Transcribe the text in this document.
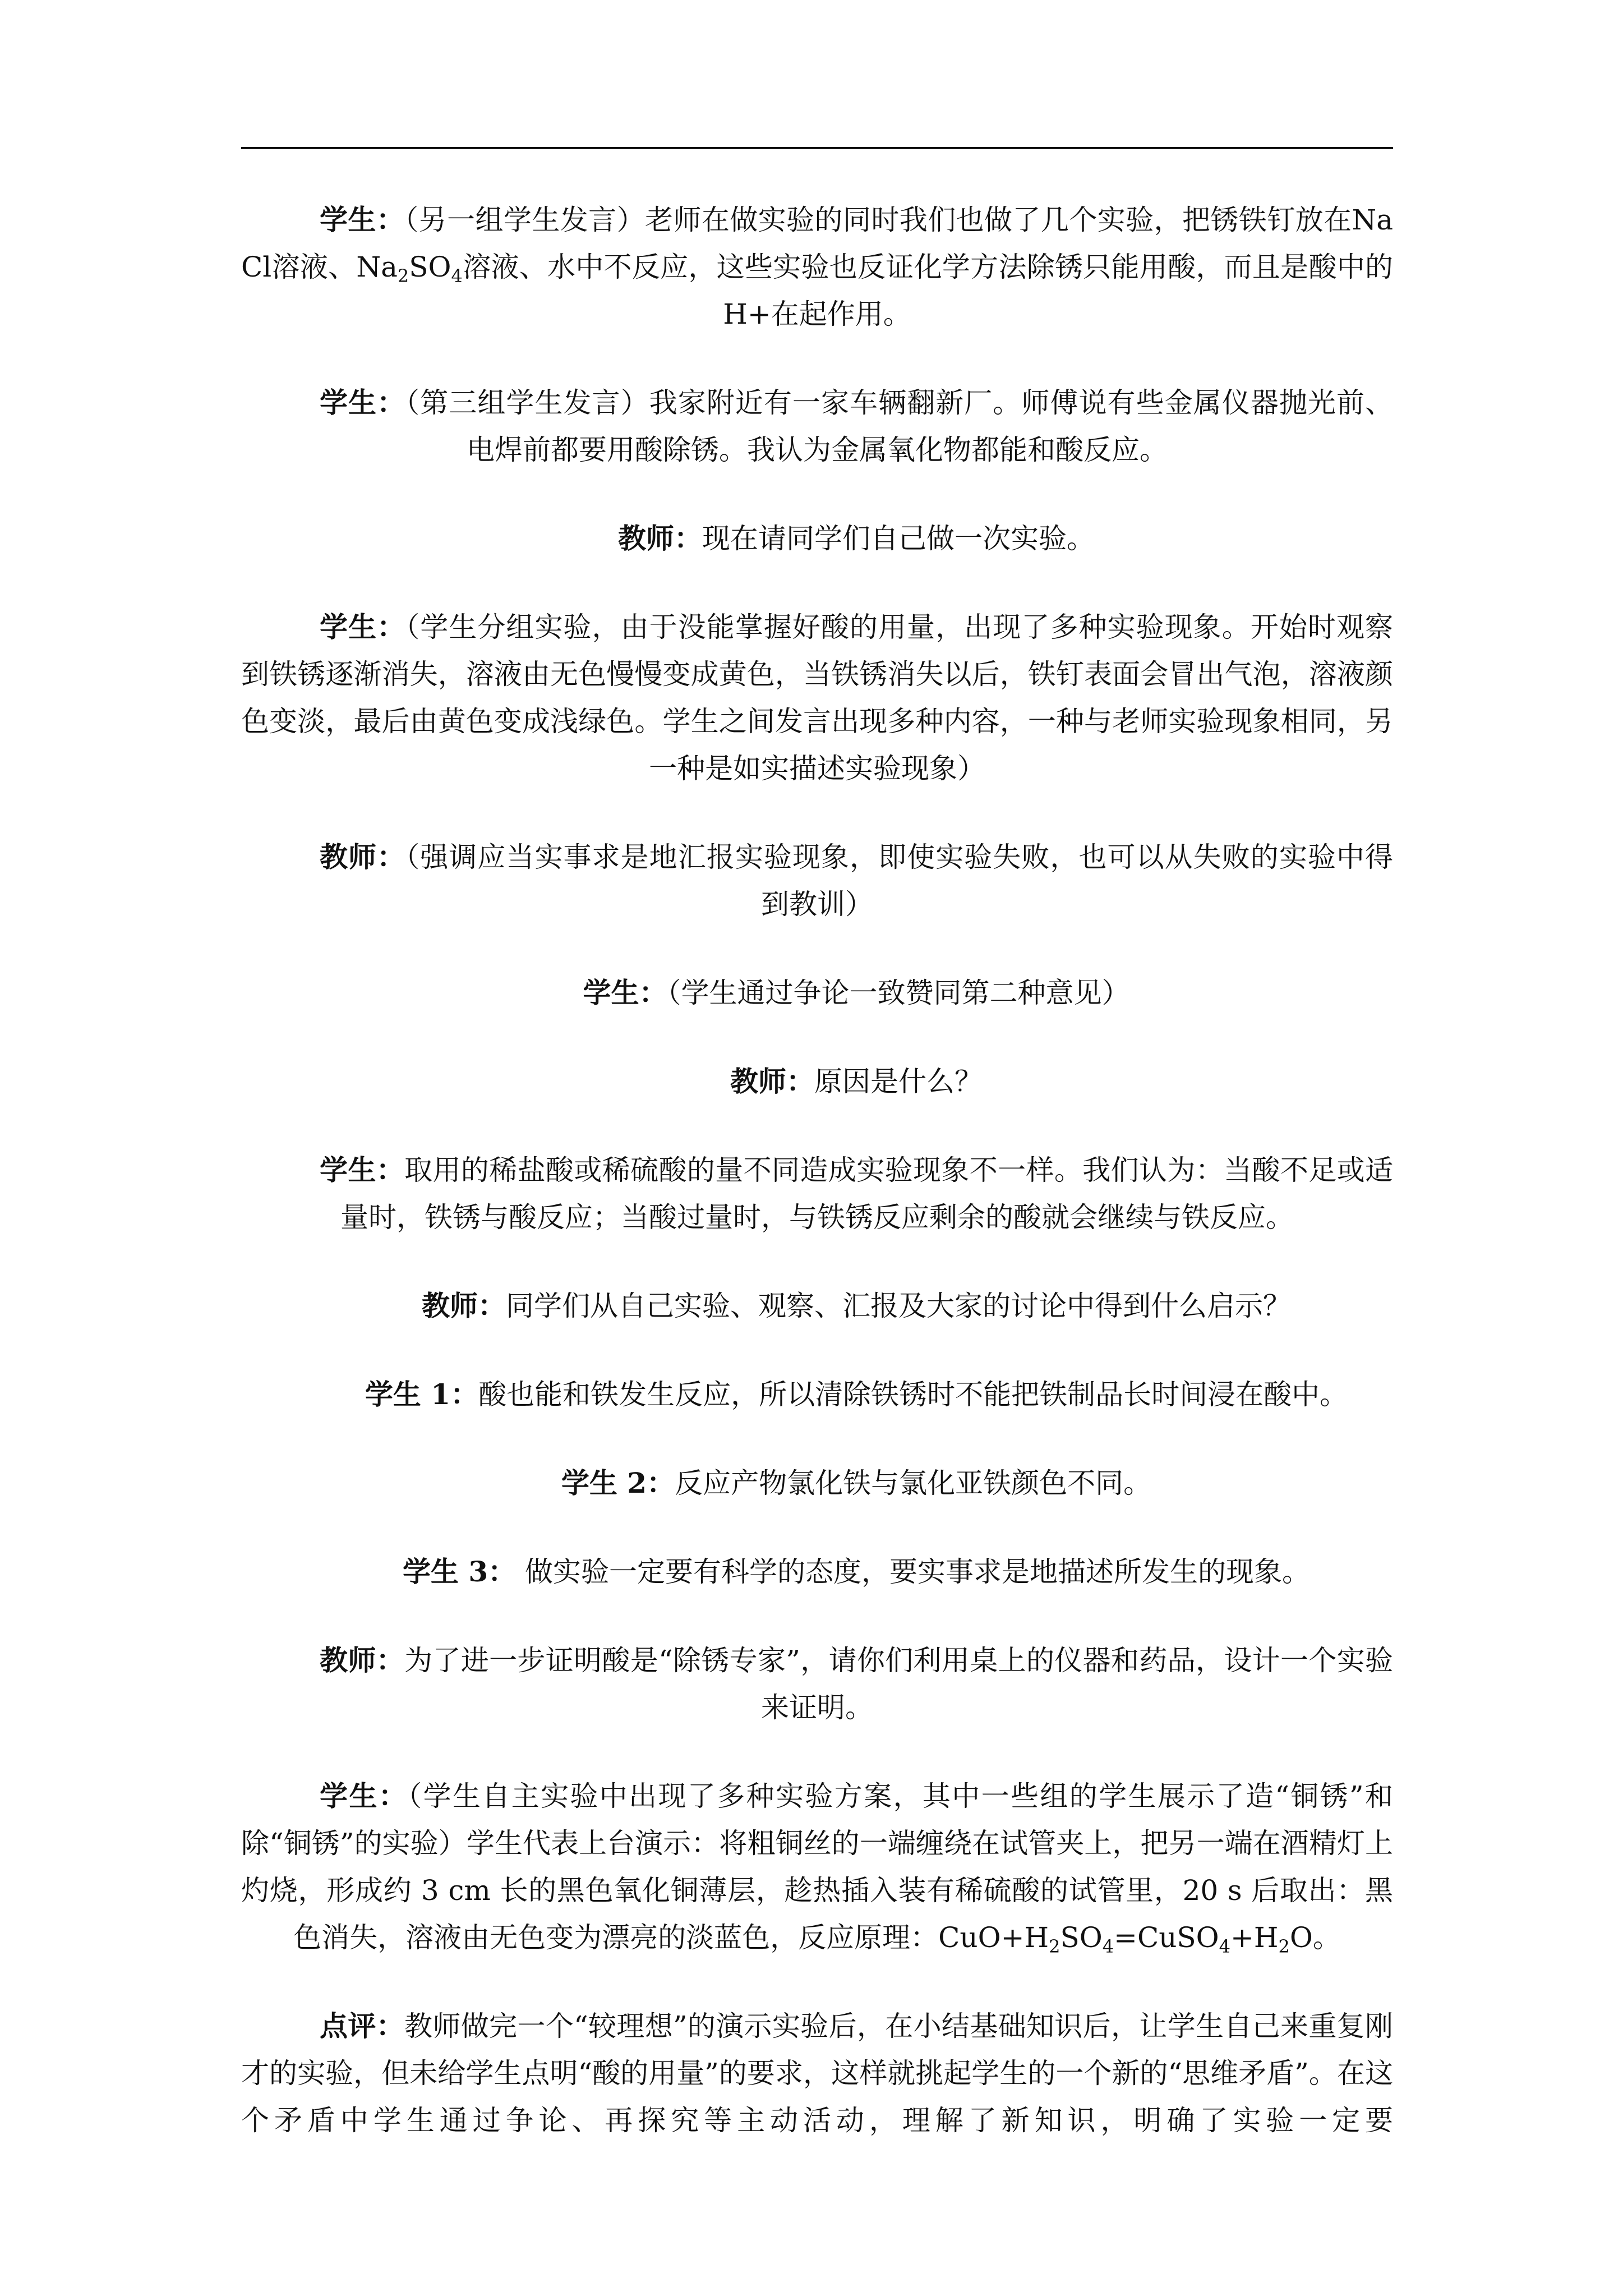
学生：（另一组学生发言）老师在做实验的同时我们也做了几个实验，把锈铁钉放在NaCl溶液、$Na_2SO_4$溶液、水中不反应，这些实验也反证化学方法除锈只能用酸，而且是酸中的H+在起作用。

学生：（第三组学生发言）我家附近有一家车辆翻新厂。师傅说有些金属仪器抛光前、电焊前都要用酸除锈。我认为金属氧化物都能和酸反应。

教师：现在请同学们自己做一次实验。

学生：（学生分组实验，由于没能掌握好酸的用量，出现了多种实验现象。开始时观察到铁锈逐渐消失，溶液由无色慢慢变成黄色，当铁锈消失以后，铁钉表面会冒出气泡，溶液颜色变淡，最后由黄色变成浅绿色。学生之间发言出现多种内容，一种与老师实验现象相同，另一种是如实描述实验现象）

教师：（强调应当实事求是地汇报实验现象，即使实验失败，也可以从失败的实验中得到教训）

学生：（学生通过争论一致赞同第二种意见）

教师：原因是什么？

学生：取用的稀盐酸或稀硫酸的量不同造成实验现象不一样。我们认为：当酸不足或适量时，铁锈与酸反应；当酸过量时，与铁锈反应剩余的酸就会继续与铁反应。

教师：同学们从自己实验、观察、汇报及大家的讨论中得到什么启示？

学生 1：酸也能和铁发生反应，所以清除铁锈时不能把铁制品长时间浸在酸中。

学生 2：反应产物氯化铁与氯化亚铁颜色不同。

学生 3： 做实验一定要有科学的态度，要实事求是地描述所发生的现象。

教师：为了进一步证明酸是“除锈专家”，请你们利用桌上的仪器和药品，设计一个实验来证明。

学生：（学生自主实验中出现了多种实验方案，其中一些组的学生展示了造“铜锈”和除“铜锈”的实验）学生代表上台演示：将粗铜丝的一端缠绕在试管夹上，把另一端在酒精灯上灼烧，形成约 3 cm 长的黑色氧化铜薄层，趁热插入装有稀硫酸的试管里，20 s 后取出：黑色消失，溶液由无色变为漂亮的淡蓝色，反应原理：$CuO+H_2SO_4=CuSO_4+H_2O$。

点评：教师做完一个“较理想”的演示实验后，在小结基础知识后，让学生自己来重复刚才的实验，但未给学生点明“酸的用量”的要求，这样就挑起学生的一个新的“思维矛盾”。在这个矛盾中学生通过争论、再探究等主动活动，理解了新知识，明确了实验一定要
